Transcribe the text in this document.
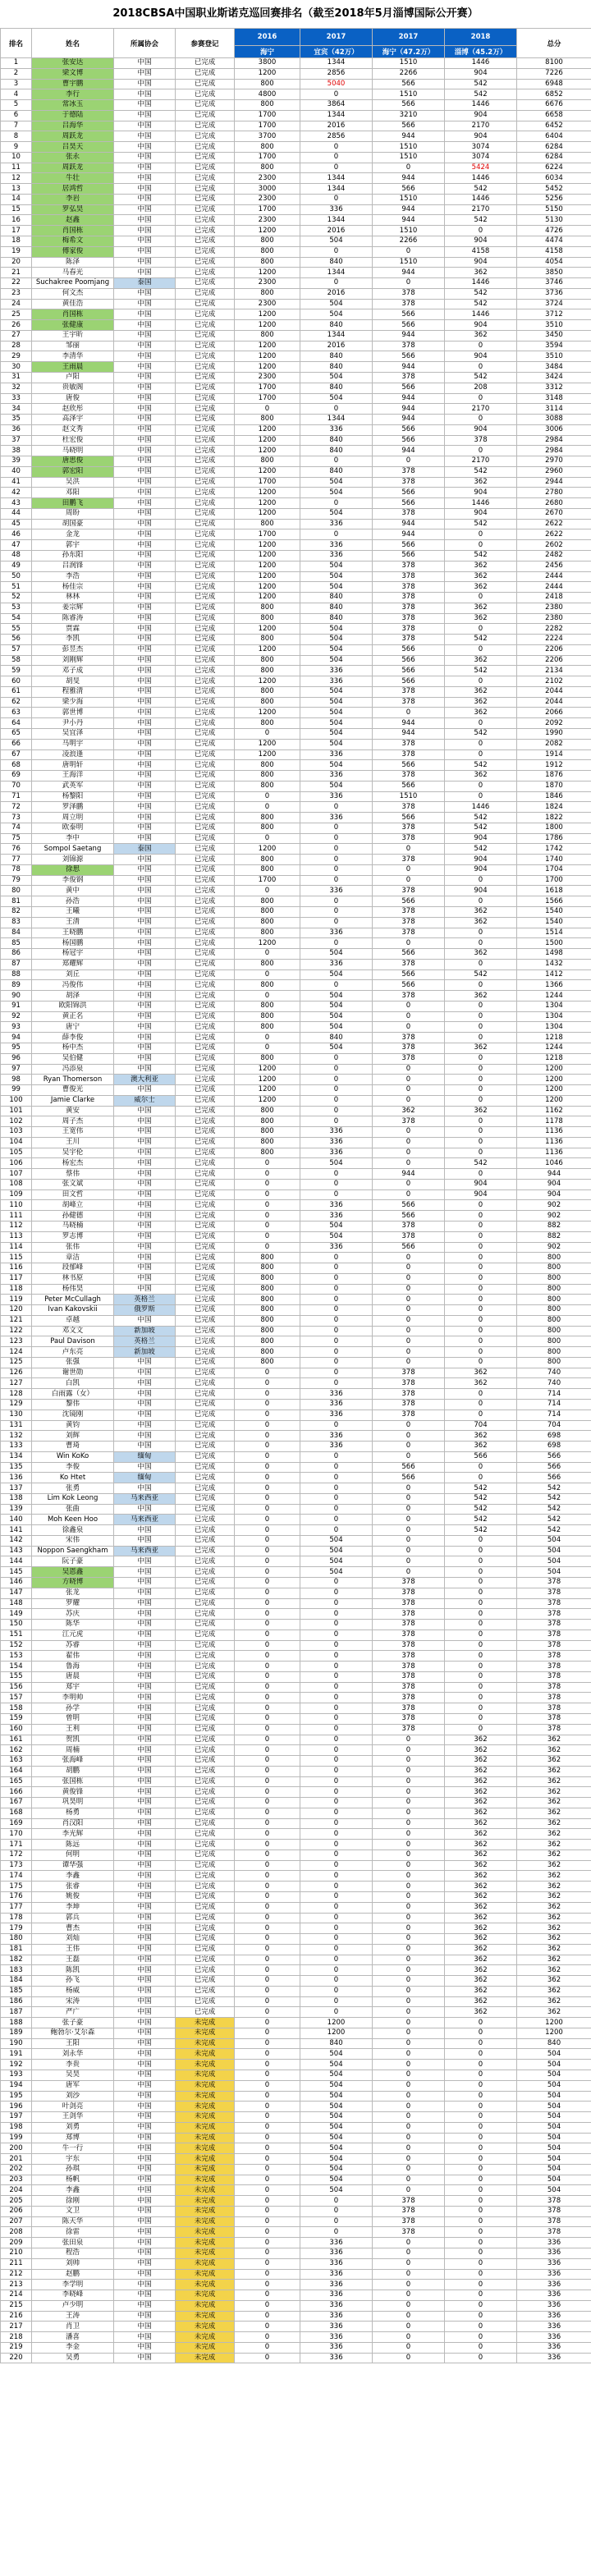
2018CBSA中国职业斯诺克巡回赛排名（截至2018年5月淄博国际公开赛）
排名	姓名	所属协会	参赛登记	2016	2017	2017	2018	总分
				海宁	宜宾（42万）	海宁（47.2万）	淄博（45.2万）	
1	张安达	中国	已完成	3800	1344	1510	1446	8100
2	梁文博	中国	已完成	1200	2856	2266	904	7226
3	曹宇鹏	中国	已完成	800	5040	566	542	6948
4	李行	中国	已完成	4800	0	1510	542	6852
5	常冰玉	中国	已完成	800	3864	566	1446	6676
6	于德陆	中国	已完成	1700	1344	3210	904	6658
7	吕海华	中国	已完成	1700	2016	566	2170	6452
8	周跃龙	中国	已完成	3700	2856	944	904	6404
9	吕昊天	中国	已完成	800	0	1510	3074	6284
10	张永	中国	已完成	1700	0	1510	3074	6284
11	周跃龙	中国	已完成	800	0	0	5424	6224
12	牛壮	中国	已完成	2300	1344	944	1446	6034
13	居鸿哲	中国	已完成	3000	1344	566	542	5452
14	李岩	中国	已完成	2300	0	1510	1446	5256
15	罗弘昊	中国	已完成	1700	336	944	2170	5150
16	赵鑫	中国	已完成	2300	1344	944	542	5130
17	肖国栋	中国	已完成	1200	2016	1510	0	4726
18	梅希文	中国	已完成	800	504	2266	904	4474
19	傅家俊	中国	已完成	800	0	0	4158	4158
20	陈泽	中国	已完成	800	840	1510	904	4054
21	马春光	中国	已完成	1200	1344	944	362	3850
22	Suchakree Poomjang	泰国	已完成	2300	0	0	1446	3746
23	何文杰	中国	已完成	800	2016	378	542	3736
24	黄佳浩	中国	已完成	2300	504	378	542	3724
25	肖国栋	中国	已完成	1200	504	566	1446	3712
26	张健康	中国	已完成	1200	840	566	904	3510
27	王宇昕	中国	已完成	800	1344	944	362	3450
28	邹丽	中国	已完成	1200	2016	378	0	3594
29	李清华	中国	已完成	1200	840	566	904	3510
30	王雨晨	中国	已完成	1200	840	944	0	3484
31	卢阳	中国	已完成	2300	504	378	542	3424
32	贵敏阁	中国	已完成	1700	840	566	208	3312
33	唐俊	中国	已完成	1700	504	944	0	3148
34	赵欣彤	中国	已完成	0	0	944	2170	3114
35	高泽宇	中国	已完成	800	1344	944	0	3088
36	赵文秀	中国	已完成	1200	336	566	904	3006
37	杜宏俊	中国	已完成	1200	840	566	378	2984
38	马晓明	中国	已完成	1200	840	944	0	2984
39	唐思俊	中国	已完成	800	0	0	2170	2970
40	郭宏阳	中国	已完成	1200	840	378	542	2960
41	吴洪	中国	已完成	1700	504	378	362	2944
42	邓阳	中国	已完成	1200	504	566	904	2780
43	田鹏飞	中国	已完成	1200	0	566	1446	2680
44	周盼	中国	已完成	1200	504	378	904	2670
45	胡国豪	中国	已完成	800	336	944	542	2622
46	金龙	中国	已完成	1700	0	944	0	2622
47	郭宇	中国	已完成	1200	336	566	0	2602
48	孙东阳	中国	已完成	1200	336	566	542	2482
49	吕润锋	中国	已完成	1200	504	378	362	2456
50	李浩	中国	已完成	1200	504	378	362	2444
51	杨佳宗	中国	已完成	1200	504	378	362	2444
52	林林	中国	已完成	1200	840	378	0	2418
53	姜宗辉	中国	已完成	800	840	378	362	2380
54	陈睿涛	中国	已完成	800	840	378	362	2380
55	贾霖	中国	已完成	1200	504	378	0	2282
56	李凯	中国	已完成	800	504	378	542	2224
57	彭昱杰	中国	已完成	1200	504	566	0	2206
58	刘刚辉	中国	已完成	800	504	566	362	2206
59	邓子成	中国	已完成	800	336	566	542	2134
60	胡旻	中国	已完成	1200	336	566	0	2102
61	程雅清	中国	已完成	800	504	378	362	2044
62	梁少海	中国	已完成	800	504	378	362	2044
63	郭世博	中国	已完成	1200	504	0	362	2066
64	尹小丹	中国	已完成	800	504	944	0	2092
65	吴宜泽	中国	已完成	0	504	944	542	1990
66	马明宇	中国	已完成	1200	504	378	0	2082
67	凌浪逢	中国	已完成	1200	336	378	0	1914
68	唐明轩	中国	已完成	800	504	566	542	1912
69	王海洋	中国	已完成	800	336	378	362	1876
70	武英军	中国	已完成	800	504	566	0	1870
71	杨黎阳	中国	已完成	0	336	1510	0	1846
72	罗泽鹏	中国	已完成	0	0	378	1446	1824
73	周立明	中国	已完成	800	336	566	542	1822
74	欧泰明	中国	已完成	800	0	378	542	1800
75	李中	中国	已完成	0	0	378	904	1786
76	Sompol Saetang	泰国	已完成	1200	0	0	542	1742
77	刘锦源	中国	已完成	800	0	378	904	1740
78	徐思	中国	已完成	800	0	0	904	1704
79	李俊钢	中国	已完成	1700	0	0	0	1700
80	黄中	中国	已完成	0	336	378	904	1618
81	孙浩	中国	已完成	800	0	566	0	1566
82	王曦	中国	已完成	800	0	378	362	1540
83	王清	中国	已完成	800	0	378	362	1540
84	王晓鹏	中国	已完成	800	336	378	0	1514
85	杨国鹏	中国	已完成	1200	0	0	0	1500
86	杨冠宇	中国	已完成	0	504	566	362	1498
87	郑耀辉	中国	已完成	800	336	378	0	1432
88	刘丘	中国	已完成	0	504	566	542	1412
89	冯俊伟	中国	已完成	800	0	566	0	1366
90	胡泽	中国	已完成	0	504	378	362	1244
91	欧阳锦洪	中国	已完成	800	504	0	0	1304
92	黄正名	中国	已完成	800	504	0	0	1304
93	唐宁	中国	已完成	800	504	0	0	1304
94	薛李俊	中国	已完成	0	840	378	0	1218
95	杨中杰	中国	已完成	0	504	378	362	1244
96	吴伯健	中国	已完成	800	0	378	0	1218
97	冯添泉	中国	已完成	1200	0	0	0	1200
98	Ryan Thomerson	澳大利亚	已完成	1200	0	0	0	1200
99	曹俊光	中国	已完成	1200	0	0	0	1200
100	Jamie Clarke	威尔士	已完成	1200	0	0	0	1200
101	黄安	中国	已完成	800	0	362	362	1162
102	周子杰	中国	已完成	800	0	378	0	1178
103	王宽伟	中国	已完成	800	336	0	0	1136
104	王川	中国	已完成	800	336	0	0	1136
105	吴宇伦	中国	已完成	800	336	0	0	1136
106	杨宏杰	中国	已完成	0	504	0	542	1046
107	蔡伟	中国	已完成	0	0	944	0	944
108	张文斌	中国	已完成	0	0	0	904	904
109	田文哲	中国	已完成	0	0	0	904	904
110	胡峰立	中国	已完成	0	336	566	0	902
111	孙健德	中国	已完成	0	336	566	0	902
112	马晓楠	中国	已完成	0	504	378	0	882
113	罗志博	中国	已完成	0	504	378	0	882
114	张伟	中国	已完成	0	336	566	0	902
115	章洁	中国	已完成	800	0	0	0	800
116	段郁峰	中国	已完成	800	0	0	0	800
117	林书原	中国	已完成	800	0	0	0	800
118	杨伟昊	中国	已完成	800	0	0	0	800
119	Peter McCullagh	英格兰	已完成	800	0	0	0	800
120	Ivan Kakovskii	俄罗斯	已完成	800	0	0	0	800
121	卓越	中国	已完成	800	0	0	0	800
122	邓文文	新加坡	已完成	800	0	0	0	800
123	Paul Davison	英格兰	已完成	800	0	0	0	800
124	卢东亮	新加坡	已完成	800	0	0	0	800
125	张强	中国	已完成	800	0	0	0	800
126	谢世勋	中国	已完成	0	0	378	362	740
127	白凯	中国	已完成	0	0	378	362	740
128	白雨露（女）	中国	已完成	0	336	378	0	714
129	黎伟	中国	已完成	0	336	378	0	714
130	沈镜刚	中国	已完成	0	336	378	0	714
131	黄钧	中国	已完成	0	0	0	704	704
132	刘辉	中国	已完成	0	336	0	362	698
133	曹琦	中国	已完成	0	336	0	362	698
134	Win KoKo	缅甸	已完成	0	0	0	566	566
135	李俊	中国	已完成	0	0	566	0	566
136	Ko Htet	缅甸	已完成	0	0	566	0	566
137	张勇	中国	已完成	0	0	0	542	542
138	Lim Kok Leong	马来西亚	已完成	0	0	0	542	542
139	张曲	中国	已完成	0	0	0	542	542
140	Moh Keen Hoo	马来西亚	已完成	0	0	0	542	542
141	徐鑫泉	中国	已完成	0	0	0	542	542
142	宋伟	中国	已完成	0	504	0	0	504
143	Noppon Saengkham	马来西亚	已完成	0	504	0	0	504
144	阮子豪	中国	已完成	0	504	0	0	504
145	吴恩鑫	中国	已完成	0	504	0	0	504
146	方晓博	中国	已完成	0	0	378	0	378
147	张龙	中国	已完成	0	0	378	0	378
148	罗耀	中国	已完成	0	0	378	0	378
149	苏庆	中国	已完成	0	0	378	0	378
150	陈华	中国	已完成	0	0	378	0	378
151	江元虎	中国	已完成	0	0	378	0	378
152	苏睿	中国	已完成	0	0	378	0	378
153	翟伟	中国	已完成	0	0	378	0	378
154	鲁海	中国	已完成	0	0	378	0	378
155	唐晨	中国	已完成	0	0	378	0	378
156	郑宇	中国	已完成	0	0	378	0	378
157	李明帅	中国	已完成	0	0	378	0	378
158	孙学	中国	已完成	0	0	378	0	378
159	曾明	中国	已完成	0	0	378	0	378
160	王利	中国	已完成	0	0	378	0	378
161	贺凯	中国	已完成	0	0	0	362	362
162	周楠	中国	已完成	0	0	0	362	362
163	张海峰	中国	已完成	0	0	0	362	362
164	胡鹏	中国	已完成	0	0	0	362	362
165	张国栋	中国	已完成	0	0	0	362	362
166	黄俊锋	中国	已完成	0	0	0	362	362
167	巩昊明	中国	已完成	0	0	0	362	362
168	杨勇	中国	已完成	0	0	0	362	362
169	肖汉阳	中国	已完成	0	0	0	362	362
170	李光辉	中国	已完成	0	0	0	362	362
171	陈远	中国	已完成	0	0	0	362	362
172	何明	中国	已完成	0	0	0	362	362
173	谭华强	中国	已完成	0	0	0	362	362
174	李鑫	中国	已完成	0	0	0	362	362
175	张睿	中国	已完成	0	0	0	362	362
176	姚俊	中国	已完成	0	0	0	362	362
177	李坤	中国	已完成	0	0	0	362	362
178	郭兵	中国	已完成	0	0	0	362	362
179	曹杰	中国	已完成	0	0	0	362	362
180	刘灿	中国	已完成	0	0	0	362	362
181	王伟	中国	已完成	0	0	0	362	362
182	王磊	中国	已完成	0	0	0	362	362
183	陈凯	中国	已完成	0	0	0	362	362
184	孙飞	中国	已完成	0	0	0	362	362
185	杨威	中国	已完成	0	0	0	362	362
186	宋涛	中国	已完成	0	0	0	362	362
187	严广	中国	已完成	0	0	0	362	362
188	张子豪	中国	未完成	0	1200	0	0	1200
189	鲍勃尔·艾尔森	中国	未完成	0	1200	0	0	1200
190	王阳	中国	未完成	0	840	0	0	840
191	刘永华	中国	未完成	0	504	0	0	504
192	李贵	中国	未完成	0	504	0	0	504
193	吴昊	中国	未完成	0	504	0	0	504
194	唐军	中国	未完成	0	504	0	0	504
195	刘沙	中国	未完成	0	504	0	0	504
196	叶剑亮	中国	未完成	0	504	0	0	504
197	王剑华	中国	未完成	0	504	0	0	504
198	刘勇	中国	未完成	0	504	0	0	504
199	郑博	中国	未完成	0	504	0	0	504
200	牛一行	中国	未完成	0	504	0	0	504
201	宇东	中国	未完成	0	504	0	0	504
202	孙琪	中国	未完成	0	504	0	0	504
203	杨帆	中国	未完成	0	504	0	0	504
204	李鑫	中国	未完成	0	504	0	0	504
205	徐刚	中国	未完成	0	0	378	0	378
206	文卫	中国	未完成	0	0	378	0	378
207	陈天华	中国	未完成	0	0	378	0	378
208	徐雷	中国	未完成	0	0	378	0	378
209	张田泉	中国	未完成	0	336	0	0	336
210	程浩	中国	未完成	0	336	0	0	336
211	刘帅	中国	未完成	0	336	0	0	336
212	赵鹏	中国	未完成	0	336	0	0	336
213	李学明	中国	未完成	0	336	0	0	336
214	李晓峰	中国	未完成	0	336	0	0	336
215	卢少明	中国	未完成	0	336	0	0	336
216	王涛	中国	未完成	0	336	0	0	336
217	肖卫	中国	未完成	0	336	0	0	336
218	潘喜	中国	未完成	0	336	0	0	336
219	李金	中国	未完成	0	336	0	0	336
220	吴勇	中国	未完成	0	336	0	0	336
